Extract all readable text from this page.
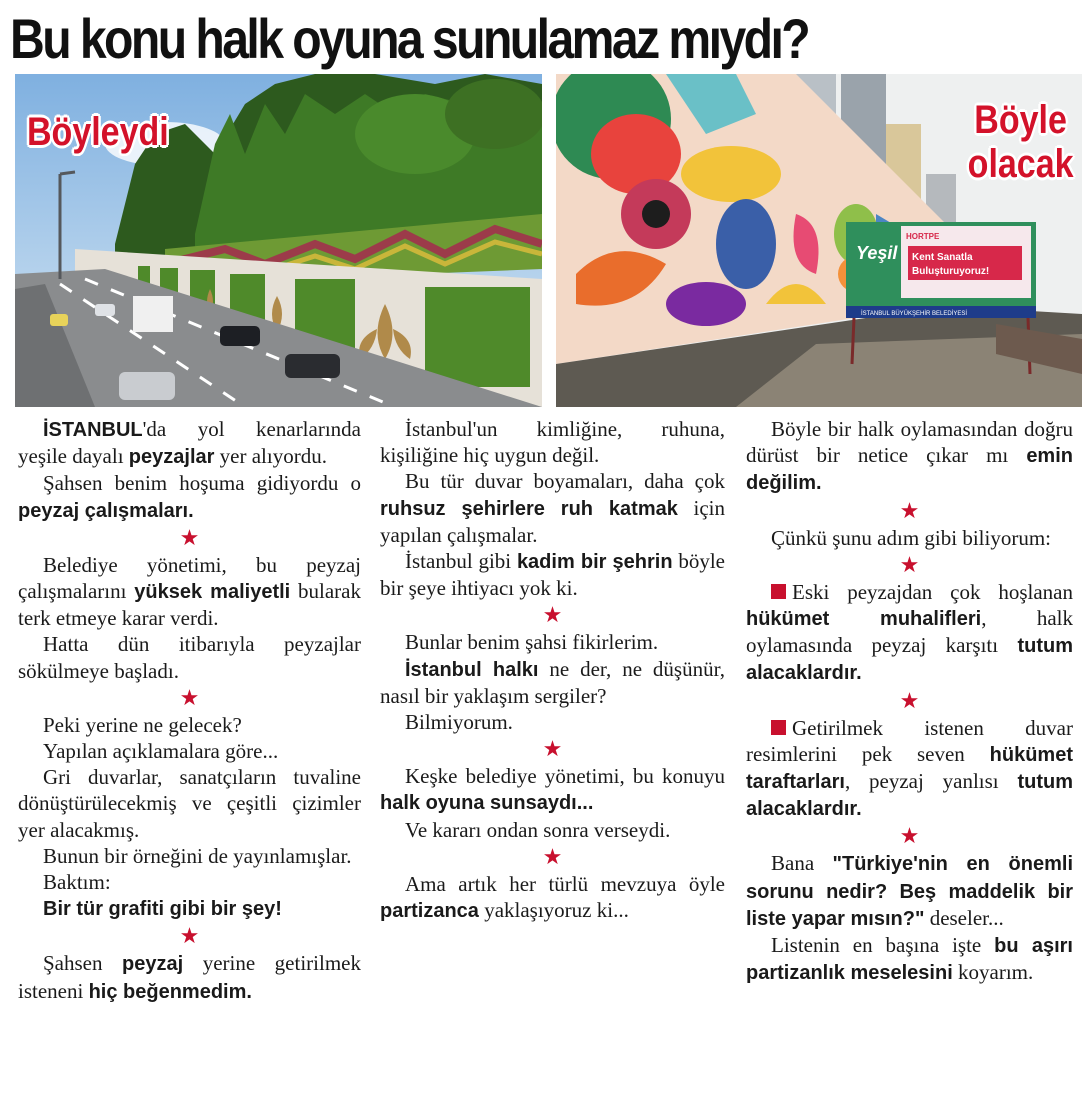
Bu konu halk oyuna sunulamaz mıydı?
Böyleydi
Yeşil
HORTPE
Kent Sanatla
Buluşturuyoruz!
İSTANBUL BÜYÜKŞEHİR BELEDİYESİ
Böyle
olacak

İSTANBUL'da yol kenarlarında yeşile dayalı peyzajlar yer alıyordu.

Şahsen benim hoşuma gidiyordu o peyzaj çalışmaları.

★

Belediye yönetimi, bu peyzaj çalışmalarını yüksek maliyetli bularak terk etmeye karar verdi.

Hatta dün itibarıyla peyzajlar sökülmeye başladı.

★

Peki yerine ne gelecek?

Yapılan açıklamalara göre...

Gri duvarlar, sanatçıların tuvaline dönüştürülecekmiş ve çeşitli çizimler yer alacakmış.

Bunun bir örneğini de yayınlamışlar.

Baktım:

Bir tür grafiti gibi bir şey!

★

Şahsen peyzaj yerine getirilmek isteneni hiç beğenmedim.

İstanbul'un kimliğine, ruhuna, kişiliğine hiç uygun değil.

Bu tür duvar boyamaları, daha çok ruhsuz şehirlere ruh katmak için yapılan çalışmalar.

İstanbul gibi kadim bir şehrin böyle bir şeye ihtiyacı yok ki.

★

Bunlar benim şahsi fikirlerim.

İstanbul halkı ne der, ne düşünür, nasıl bir yaklaşım sergiler?

Bilmiyorum.

★

Keşke belediye yönetimi, bu konuyu halk oyuna sunsaydı...

Ve kararı ondan sonra verseydi.

★

Ama artık her türlü mevzuya öyle partizanca yaklaşıyoruz ki...

Böyle bir halk oylamasından doğru dürüst bir netice çıkar mı emin değilim.

★

Çünkü şunu adım gibi biliyorum:

★

Eski peyzajdan çok hoşlanan hükümet muhalifleri, halk oylamasında peyzaj karşıtı tutum alacaklardır.

★

Getirilmek istenen duvar resimlerini pek seven hükümet taraftarları, peyzaj yanlısı tutum alacaklardır.

★

Bana "Türkiye'nin en önemli sorunu nedir? Beş maddelik bir liste yapar mısın?" deseler...

Listenin en başına işte bu aşırı partizanlık meselesini koyarım.
